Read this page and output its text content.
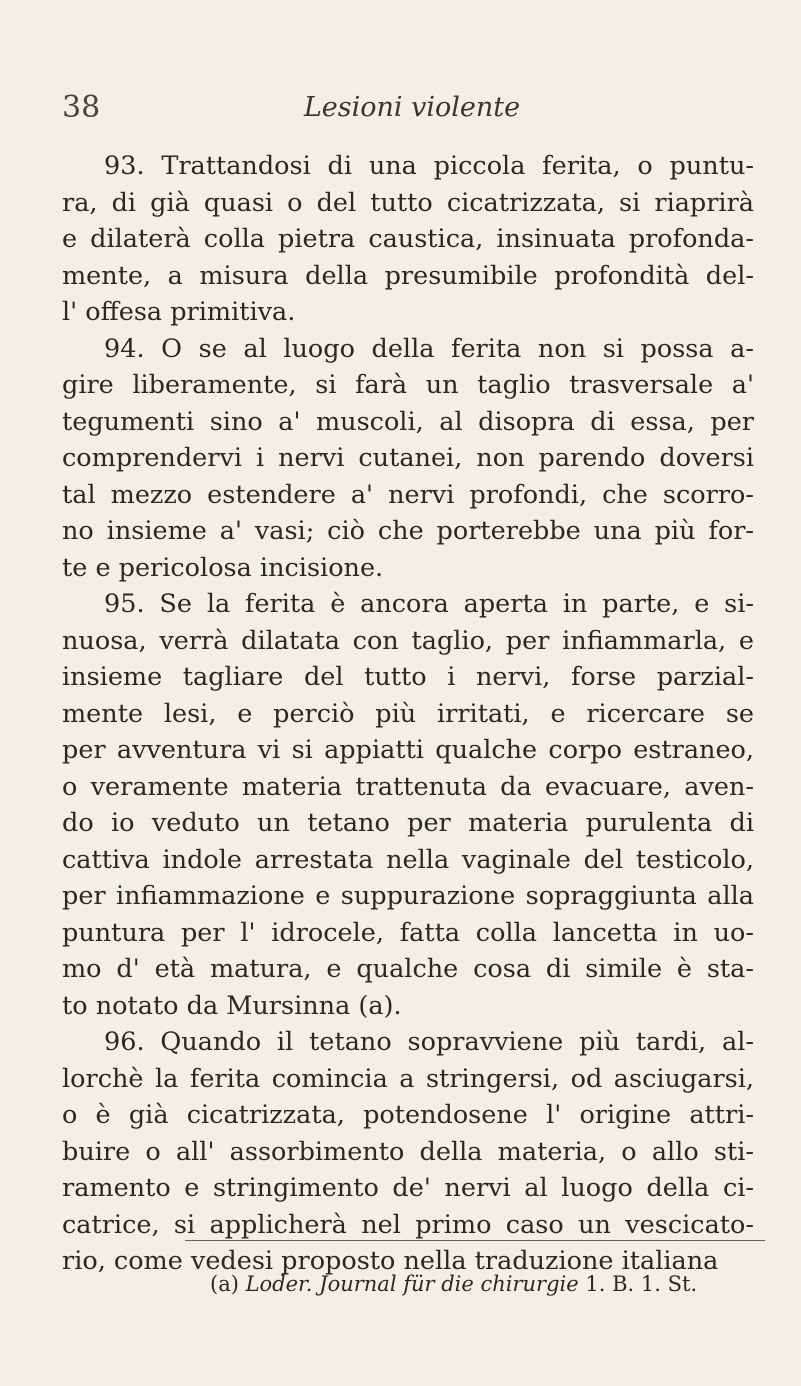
38	Lesioni violente
93. Trattandosi di una piccola ferita, o puntu-
ra, di già quasi o del tutto cicatrizzata, si riaprirà
e dilaterà colla pietra caustica, insinuata profonda-
mente, a misura della presumibile profondità del-
l' offesa primitiva.
94. O se al luogo della ferita non si possa a-
gire liberamente, si farà un taglio trasversale a'
tegumenti sino a' muscoli, al disopra di essa, per
comprendervi i nervi cutanei, non parendo doversi
tal mezzo estendere a' nervi profondi, che scorro-
no insieme a' vasi; ciò che porterebbe una più for-
te e pericolosa incisione.
95. Se la ferita è ancora aperta in parte, e si-
nuosa, verrà dilatata con taglio, per infiammarla, e
insieme tagliare del tutto i nervi, forse parzial-
mente lesi, e perciò più irritati, e ricercare se
per avventura vi si appiatti qualche corpo estraneo,
o veramente materia trattenuta da evacuare, aven-
do io veduto un tetano per materia purulenta di
cattiva indole arrestata nella vaginale del testicolo,
per infiammazione e suppurazione sopraggiunta alla
puntura per l' idrocele, fatta colla lancetta in uo-
mo d' età matura, e qualche cosa di simile è sta-
to notato da Mursinna (a).
96. Quando il tetano sopravviene più tardi, al-
lorchè la ferita comincia a stringersi, od asciugarsi,
o è già cicatrizzata, potendosene l' origine attri-
buire o all' assorbimento della materia, o allo sti-
ramento e stringimento de' nervi al luogo della ci-
catrice, si applicherà nel primo caso un vescicato-
rio, come vedesi proposto nella traduzione italiana
(a) Loder. Journal für die chirurgie 1. B. 1. St.
